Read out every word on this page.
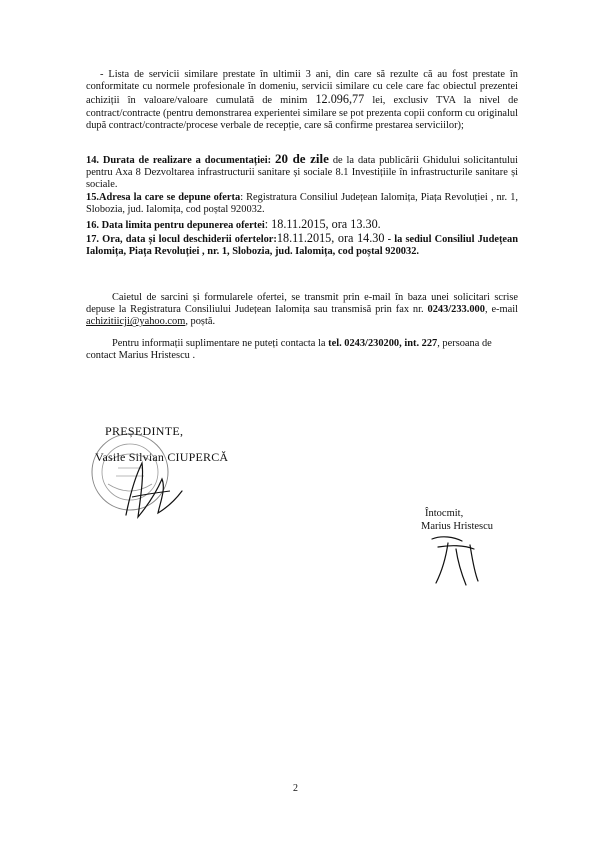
- Lista de servicii similare prestate în ultimii 3 ani, din care să rezulte că au fost prestate în conformitate cu normele profesionale în domeniu, servicii similare cu cele care fac obiectul prezentei achiziții în valoare/valoare cumulată de minim 12.096,77 lei, exclusiv TVA la nivel de contract/contracte (pentru demonstrarea experientei similare se pot prezenta copii conform cu originalul după contract/contracte/procese verbale de recepție, care să confirme prestarea serviciilor);
14. Durata de realizare a documentației: 20 de zile de la data publicării Ghidului solicitantului pentru Axa 8 Dezvoltarea infrastructurii sanitare și sociale 8.1 Investițiile în infrastructurile sanitare și sociale.
15.Adresa la care se depune oferta: Registratura Consiliul Județean Ialomița, Piața Revoluției , nr. 1, Slobozia, jud. Ialomița, cod poștal 920032.
16. Data limita pentru depunerea ofertei: 18.11.2015, ora 13.30.
17. Ora, data și locul deschiderii ofertelor:18.11.2015, ora 14.30 - la sediul Consiliul Județean Ialomița, Piața Revoluției , nr. 1, Slobozia, jud. Ialomița, cod poștal 920032.
Caietul de sarcini și formularele ofertei, se transmit prin e-mail în baza unei solicitari scrise depuse la Registratura Consiliului Județean Ialomița sau transmisă prin fax nr. 0243/233.000, e-mail achizitiicji@yahoo.com, poștă.
Pentru informații suplimentare ne puteți contacta la tel. 0243/230200, int. 227, persoana de contact Marius Hristescu .
PREȘEDINTE,
Vasile Silvian CIUPERCĂ
Întocmit,
Marius Hristescu
2
